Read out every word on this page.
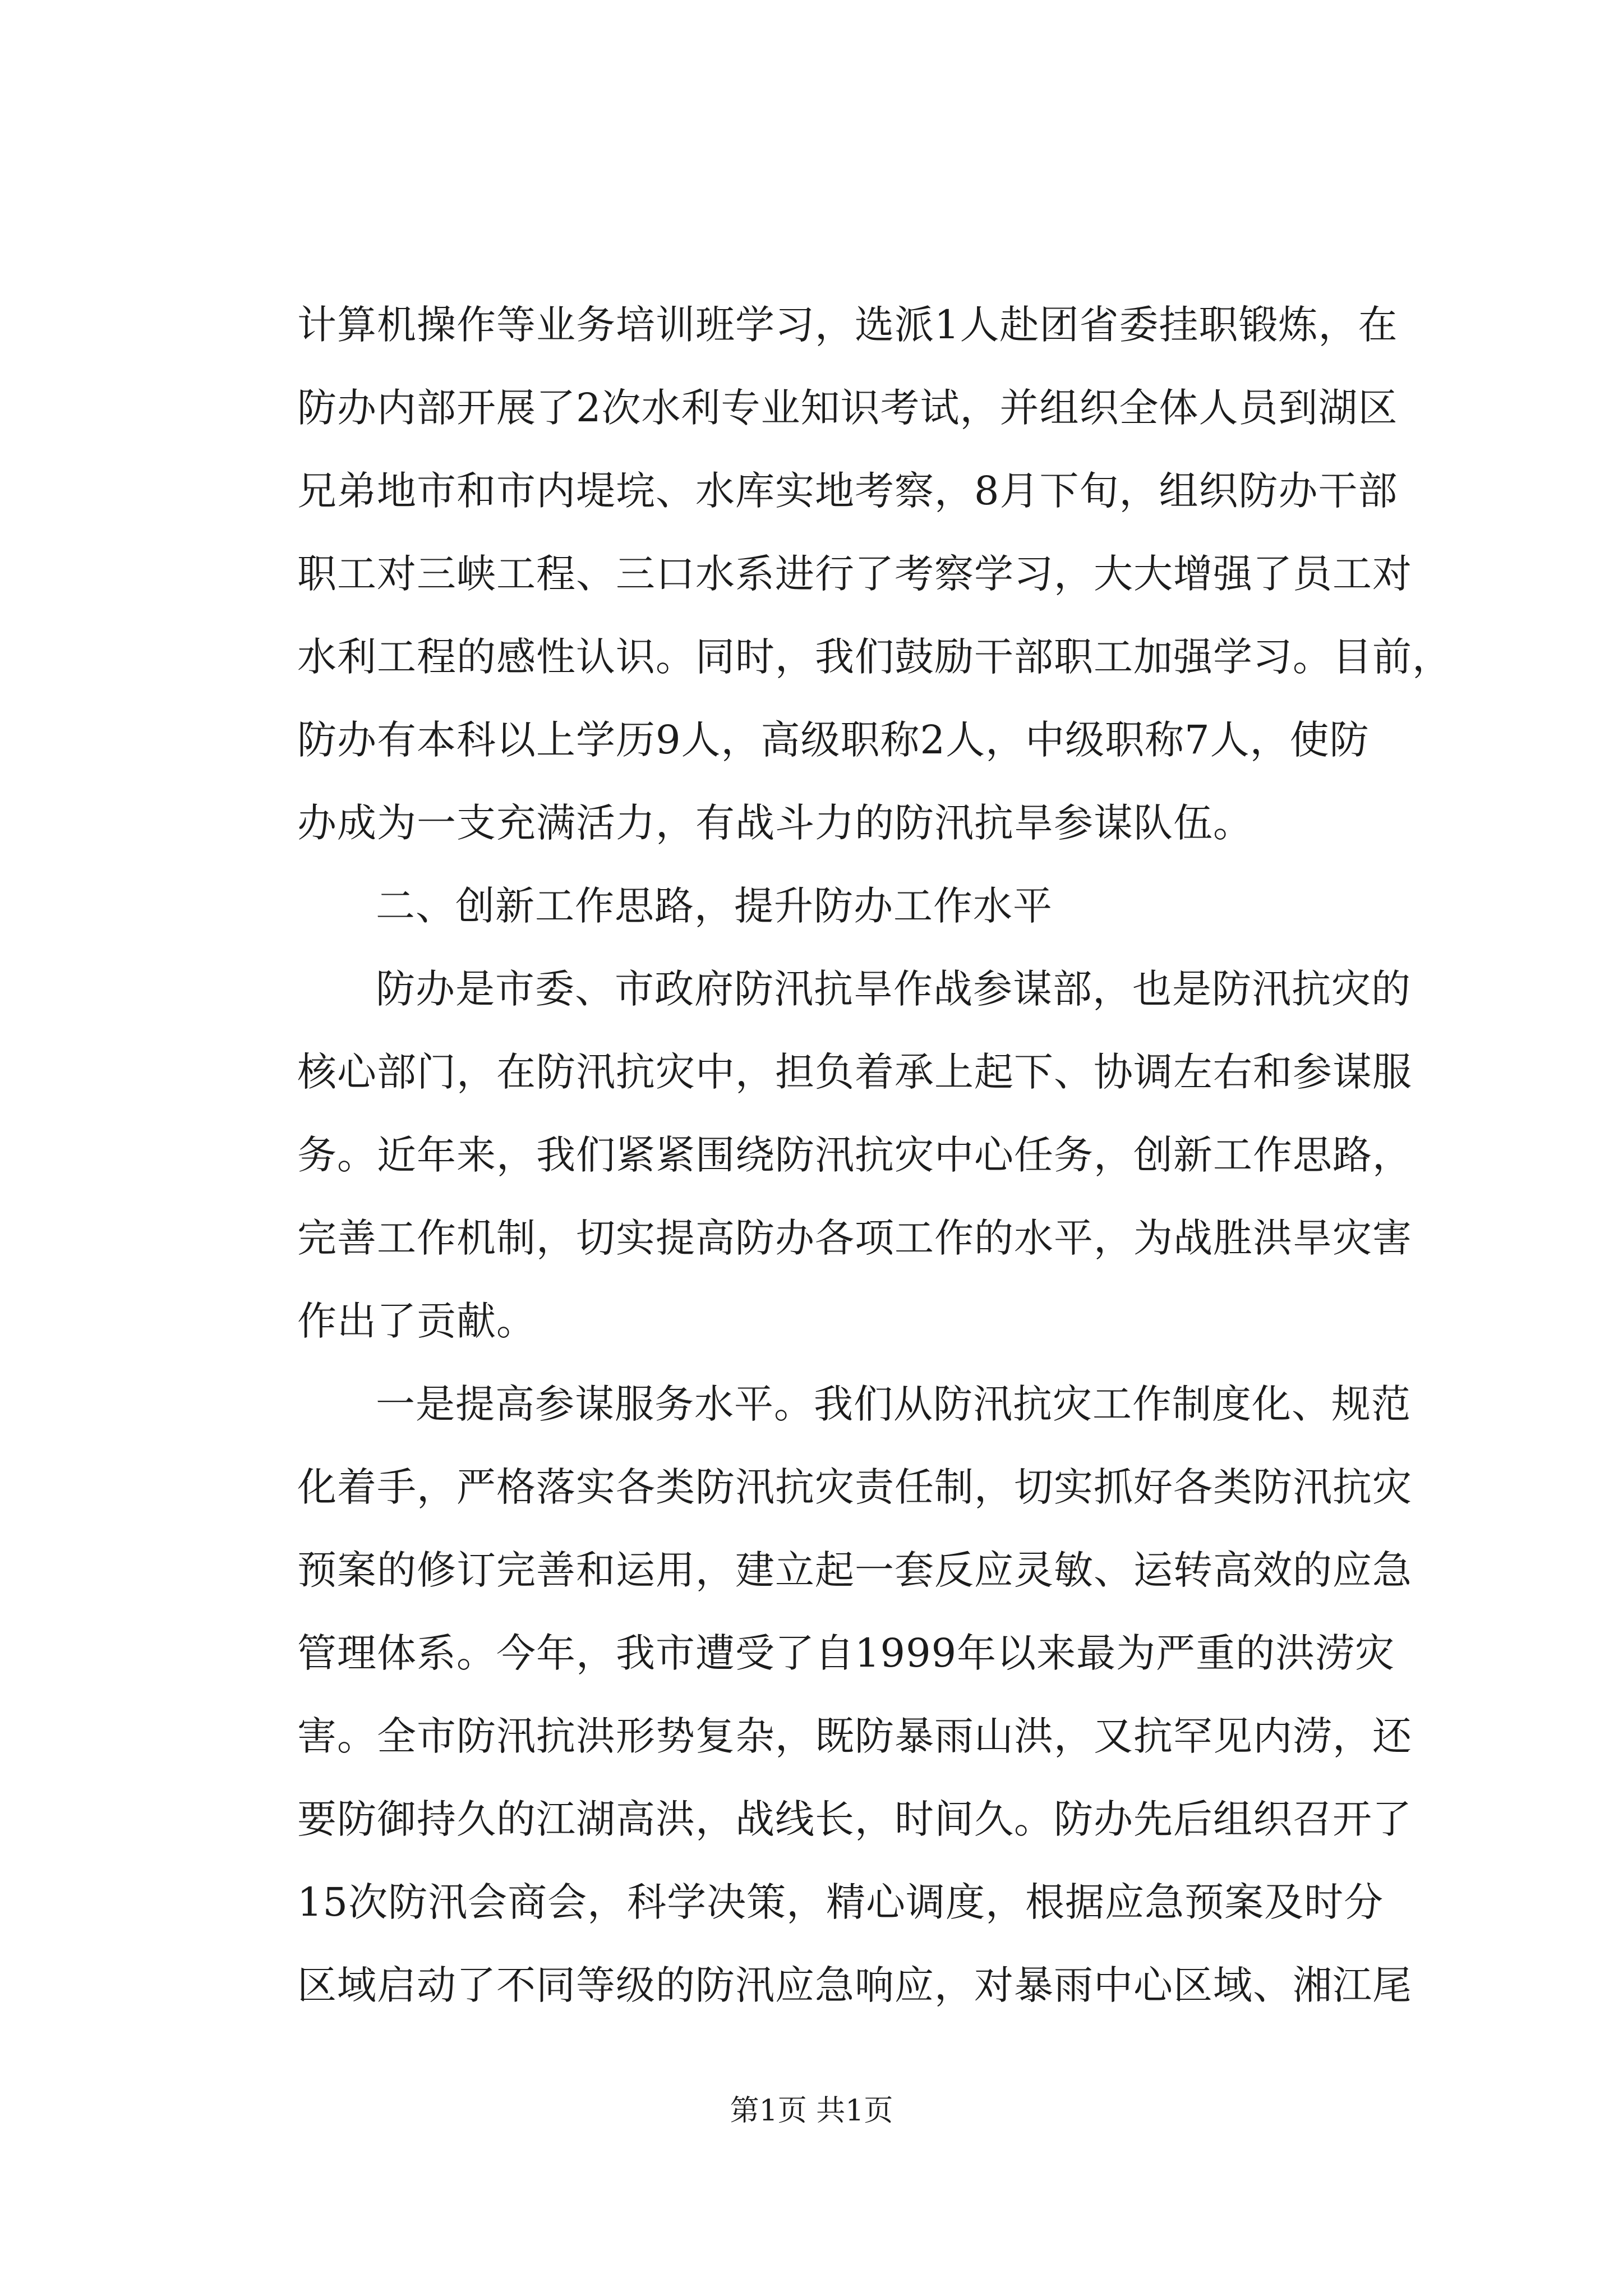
计算机操作等业务培训班学习，选派1人赴团省委挂职锻炼，在
防办内部开展了2次水利专业知识考试，并组织全体人员到湖区
兄弟地市和市内堤垸、水库实地考察，8月下旬，组织防办干部
职工对三峡工程、三口水系进行了考察学习，大大增强了员工对
水利工程的感性认识。同时，我们鼓励干部职工加强学习。目前，
防办有本科以上学历9人，高级职称2人，中级职称7人，使防
办成为一支充满活力，有战斗力的防汛抗旱参谋队伍。
二、创新工作思路，提升防办工作水平
防办是市委、市政府防汛抗旱作战参谋部，也是防汛抗灾的
核心部门，在防汛抗灾中，担负着承上起下、协调左右和参谋服
务。近年来，我们紧紧围绕防汛抗灾中心任务，创新工作思路，
完善工作机制，切实提高防办各项工作的水平，为战胜洪旱灾害
作出了贡献。
一是提高参谋服务水平。我们从防汛抗灾工作制度化、规范
化着手，严格落实各类防汛抗灾责任制，切实抓好各类防汛抗灾
预案的修订完善和运用，建立起一套反应灵敏、运转高效的应急
管理体系。今年，我市遭受了自1999年以来最为严重的洪涝灾
害。全市防汛抗洪形势复杂，既防暴雨山洪，又抗罕见内涝，还
要防御持久的江湖高洪，战线长，时间久。防办先后组织召开了
15次防汛会商会，科学决策，精心调度，根据应急预案及时分
区域启动了不同等级的防汛应急响应，对暴雨中心区域、湘江尾
第1页 共1页
